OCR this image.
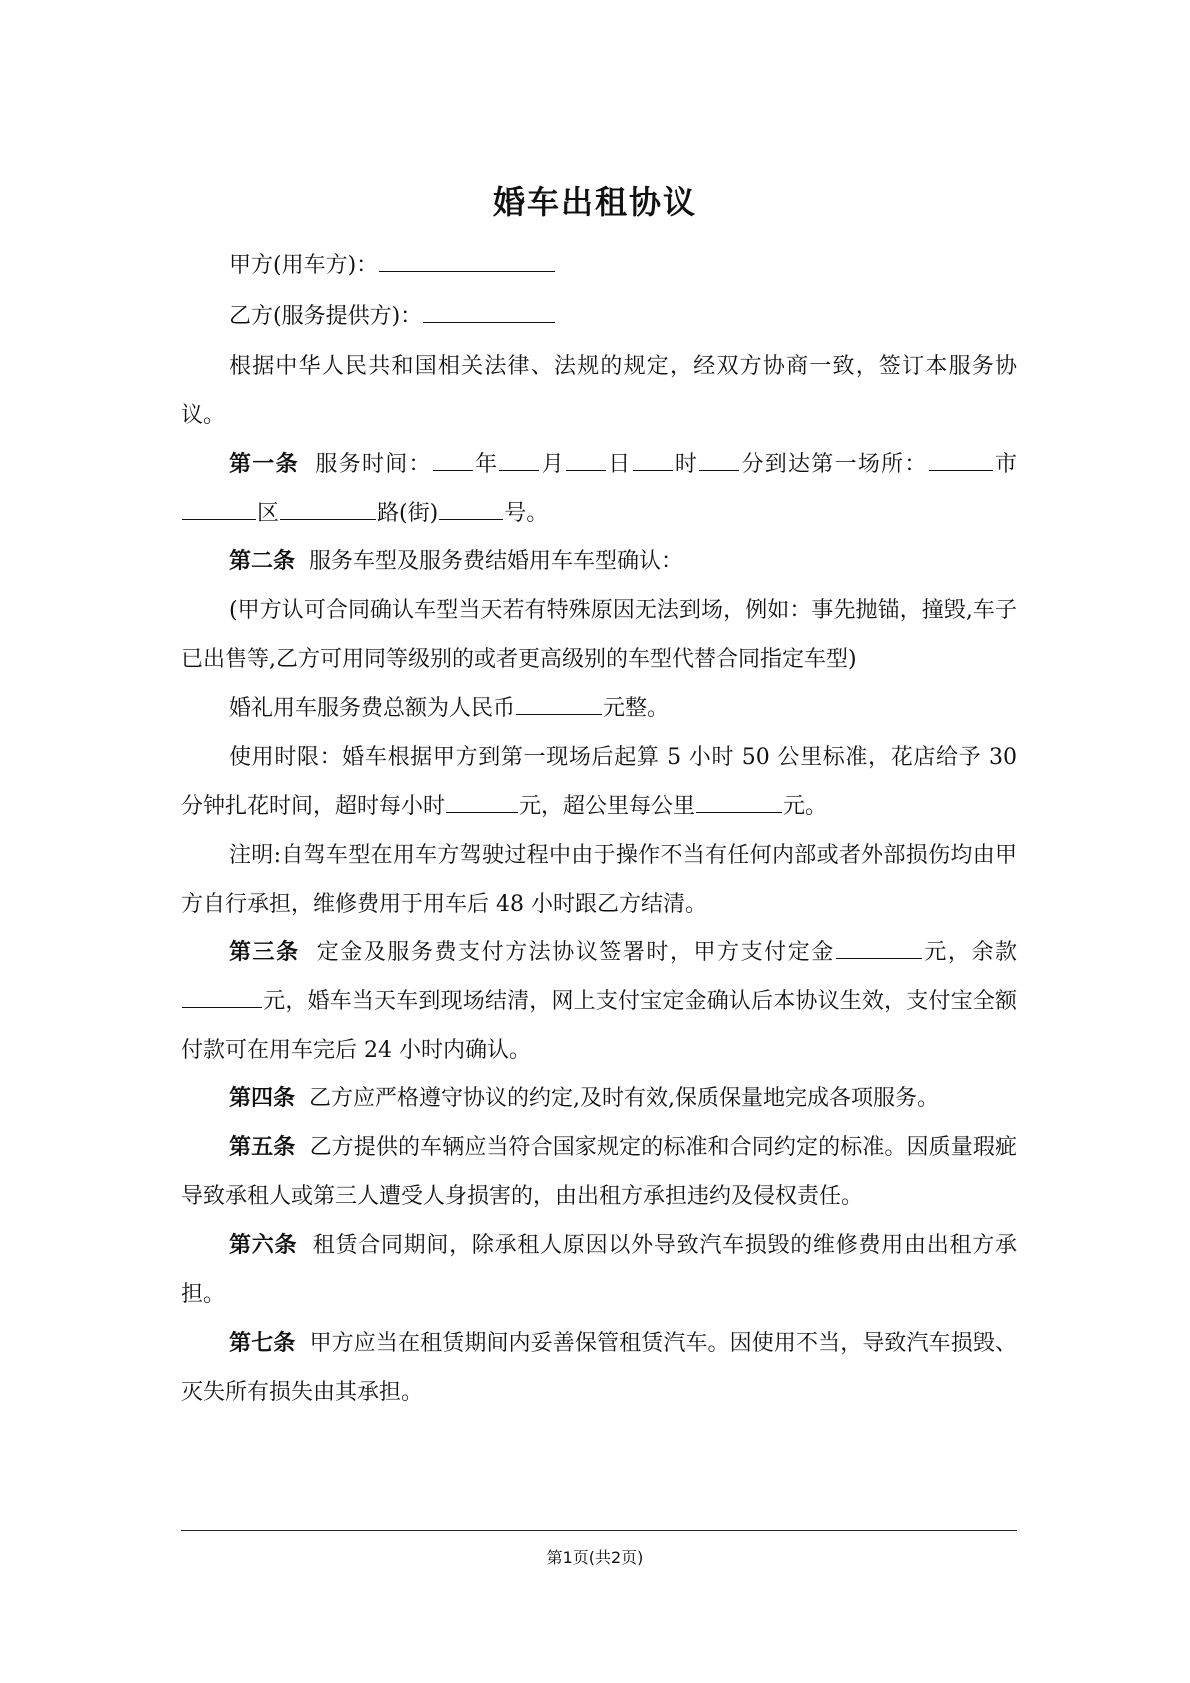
婚车出租协议

甲方(用车方)：

乙方(服务提供方)：

根据中华人民共和国相关法律、法规的规定，经双方协商一致，签订本服务协议。

第一条 服务时间： 年 月 日 时 分到达第一场所：	市区	路(街)	号。

第二条 服务车型及服务费结婚用车车型确认：

(甲方认可合同确认车型当天若有特殊原因无法到场，例如：事先抛锚，撞毁,车子已出售等,乙方可用同等级别的或者更高级别的车型代替合同指定车型)

婚礼用车服务费总额为人民币	元整。

使用时限：婚车根据甲方到第一现场后起算 5 小时 50 公里标准，花店给予 30 分钟扎花时间，超时每小时	元，超公里每公里	元。

注明:自驾车型在用车方驾驶过程中由于操作不当有任何内部或者外部损伤均由甲方自行承担，维修费用于用车后 48 小时跟乙方结清。

第三条 定金及服务费支付方法协议签署时，甲方支付定金	元，余款元，婚车当天车到现场结清，网上支付宝定金确认后本协议生效，支付宝全额付款可在用车完后 24 小时内确认。

第四条 乙方应严格遵守协议的约定,及时有效,保质保量地完成各项服务。

第五条 乙方提供的车辆应当符合国家规定的标准和合同约定的标准。因质量瑕疵导致承租人或第三人遭受人身损害的，由出租方承担违约及侵权责任。

第六条 租赁合同期间，除承租人原因以外导致汽车损毁的维修费用由出租方承担。

第七条 甲方应当在租赁期间内妥善保管租赁汽车。因使用不当，导致汽车损毁、灭失所有损失由其承担。

第1页(共2页)
